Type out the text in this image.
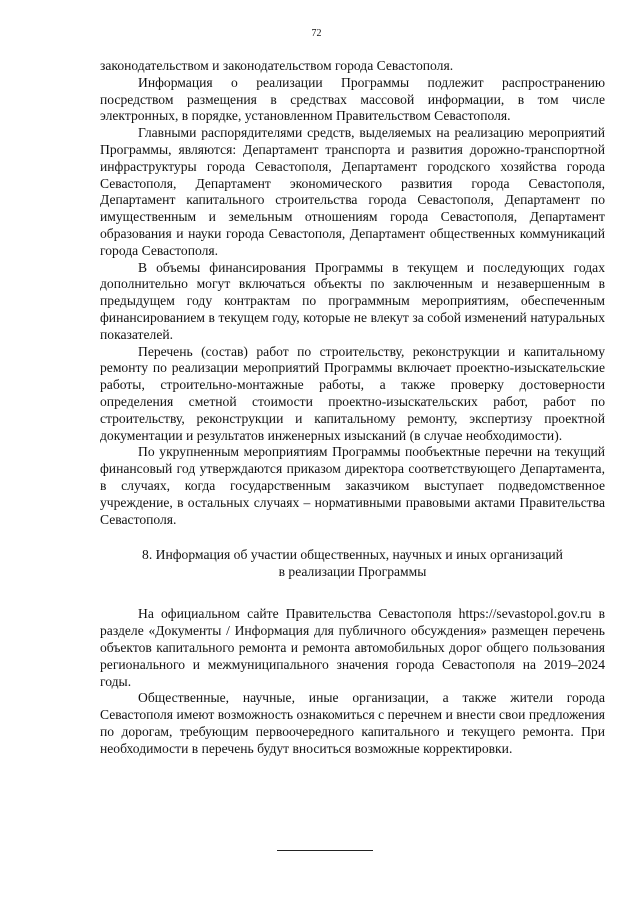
72

законодательством и законодательством города Севастополя.

Информация о реализации Программы подлежит распространению посредством размещения в средствах массовой информации, в том числе электронных, в порядке, установленном Правительством Севастополя.

Главными распорядителями средств, выделяемых на реализацию мероприятий Программы, являются: Департамент транспорта и развития дорожно-транспортной инфраструктуры города Севастополя, Департамент городского хозяйства города Севастополя, Департамент экономического развития города Севастополя, Департамент капитального строительства города Севастополя, Департамент по имущественным и земельным отношениям города Севастополя, Департамент образования и науки города Севастополя, Департамент общественных коммуникаций города Севастополя.

В объемы финансирования Программы в текущем и последующих годах дополнительно могут включаться объекты по заключенным и незавершенным в предыдущем году контрактам по программным мероприятиям, обеспеченным финансированием в текущем году, которые не влекут за собой изменений натуральных показателей.

Перечень (состав) работ по строительству, реконструкции и капитальному ремонту по реализации мероприятий Программы включает проектно-изыскательские работы, строительно-монтажные работы, а также проверку достоверности определения сметной стоимости проектно-изыскательских работ, работ по строительству, реконструкции и капитальному ремонту, экспертизу проектной документации и результатов инженерных изысканий (в случае необходимости).

По укрупненным мероприятиям Программы пообъектные перечни на текущий финансовый год утверждаются приказом директора соответствующего Департамента, в случаях, когда государственным заказчиком выступает подведомственное учреждение, в остальных случаях – нормативными правовыми актами Правительства Севастополя.

8. Информация об участии общественных, научных и иных организаций
в реализации Программы

На официальном сайте Правительства Севастополя https://sevastopol.gov.ru в разделе «Документы / Информация для публичного обсуждения» размещен перечень объектов капитального ремонта и ремонта автомобильных дорог общего пользования регионального и межмуниципального значения города Севастополя на 2019–2024 годы.

Общественные, научные, иные организации, а также жители города Севастополя имеют возможность ознакомиться с перечнем и внести свои предложения по дорогам, требующим первоочередного капитального и текущего ремонта. При необходимости в перечень будут вноситься возможные корректировки.
